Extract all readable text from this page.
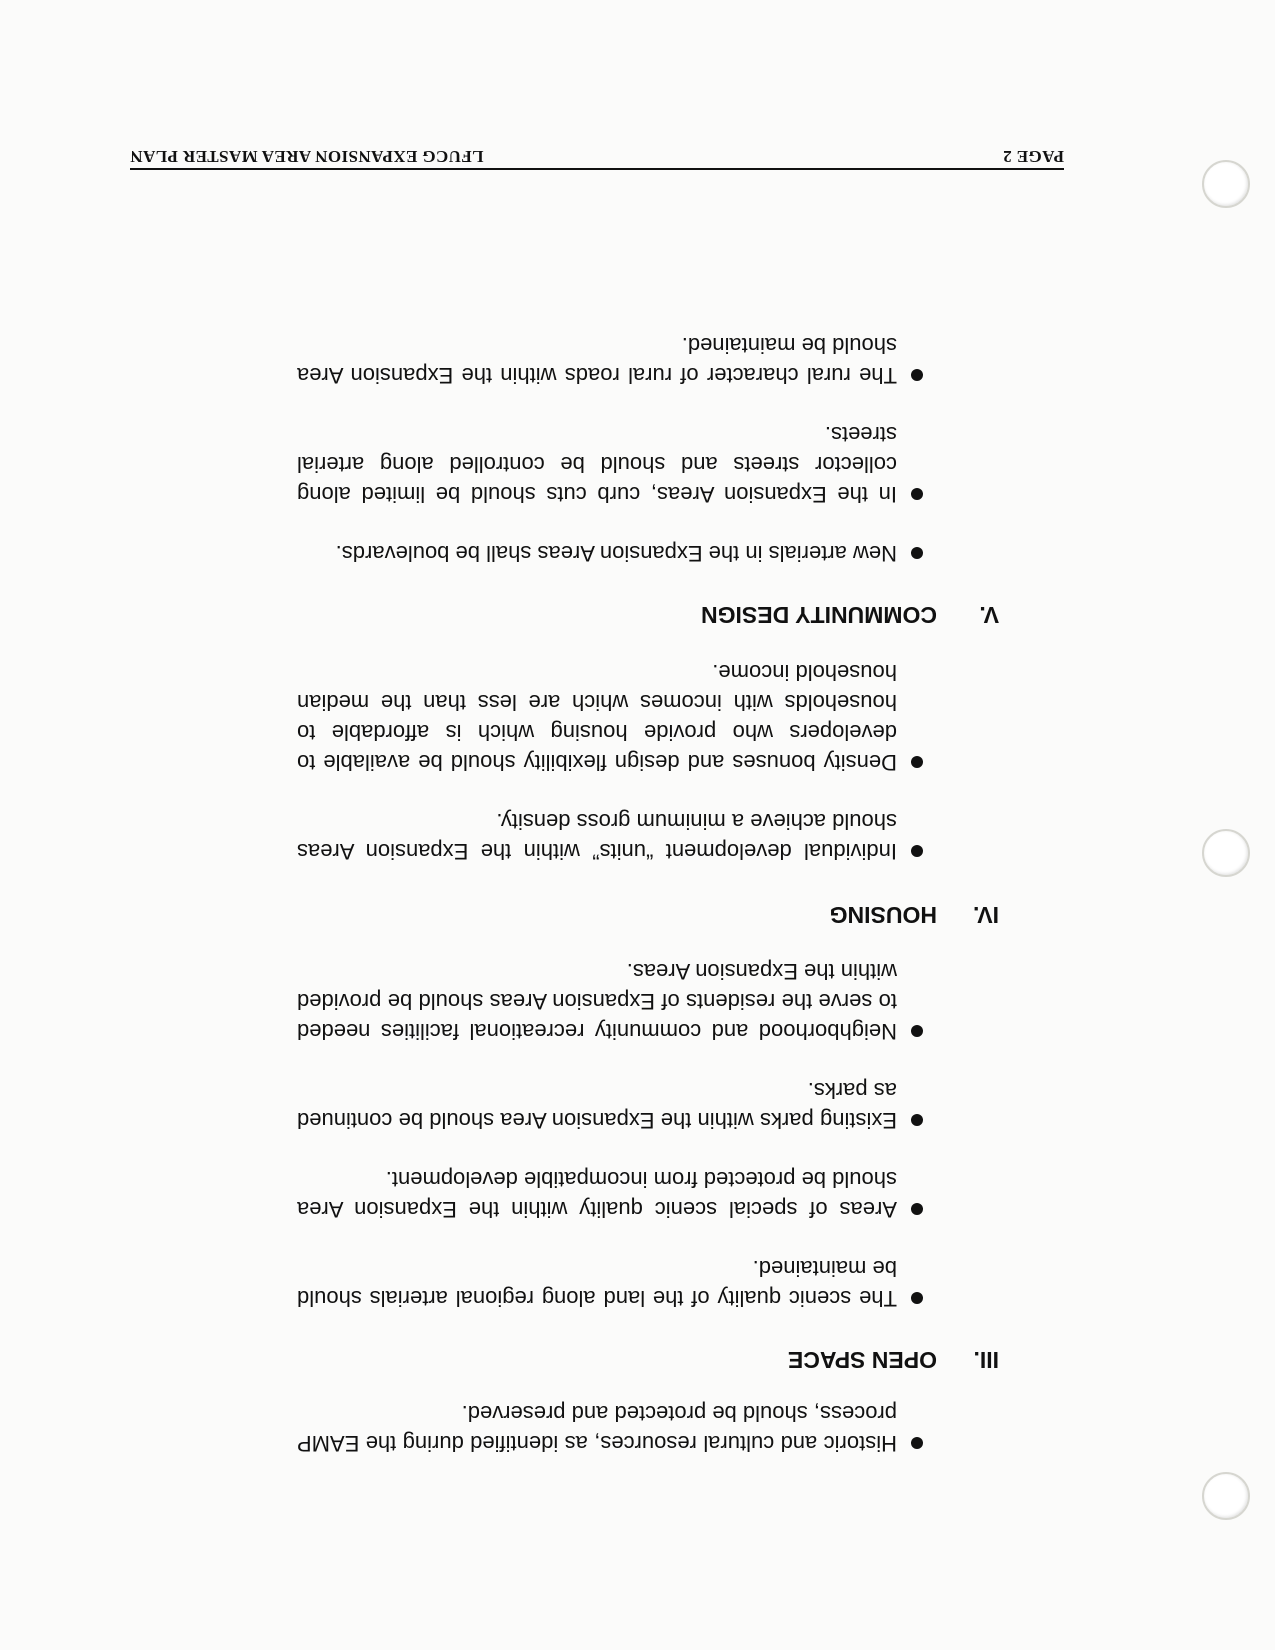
Historic and cultural resources, as identified during the EAMP process, should be protected and preserved.
III.
OPEN SPACE
The scenic quality of the land along regional arterials should be maintained.
Areas of special scenic quality within the Expansion Area should be protected from incompatible development.
Existing parks within the Expansion Area should be continued as parks.
Neighborhood and community recreational facilities needed to serve the residents of Expansion Areas should be provided within the Expansion Areas.
IV.
HOUSING
Individual development “units” within the Expansion Areas should achieve a minimum gross density.
Density bonuses and design flexibility should be available to developers who provide housing which is affordable to households with incomes which are less than the median household income.
V.
COMMUNITY DESIGN
New arterials in the Expansion Areas shall be boulevards.
In the Expansion Areas, curb cuts should be limited along collector streets and should be controlled along arterial streets.
The rural character of rural roads within the Expansion Area should be maintained.
PAGE 2
LFUCG EXPANSION AREA MASTER PLAN
